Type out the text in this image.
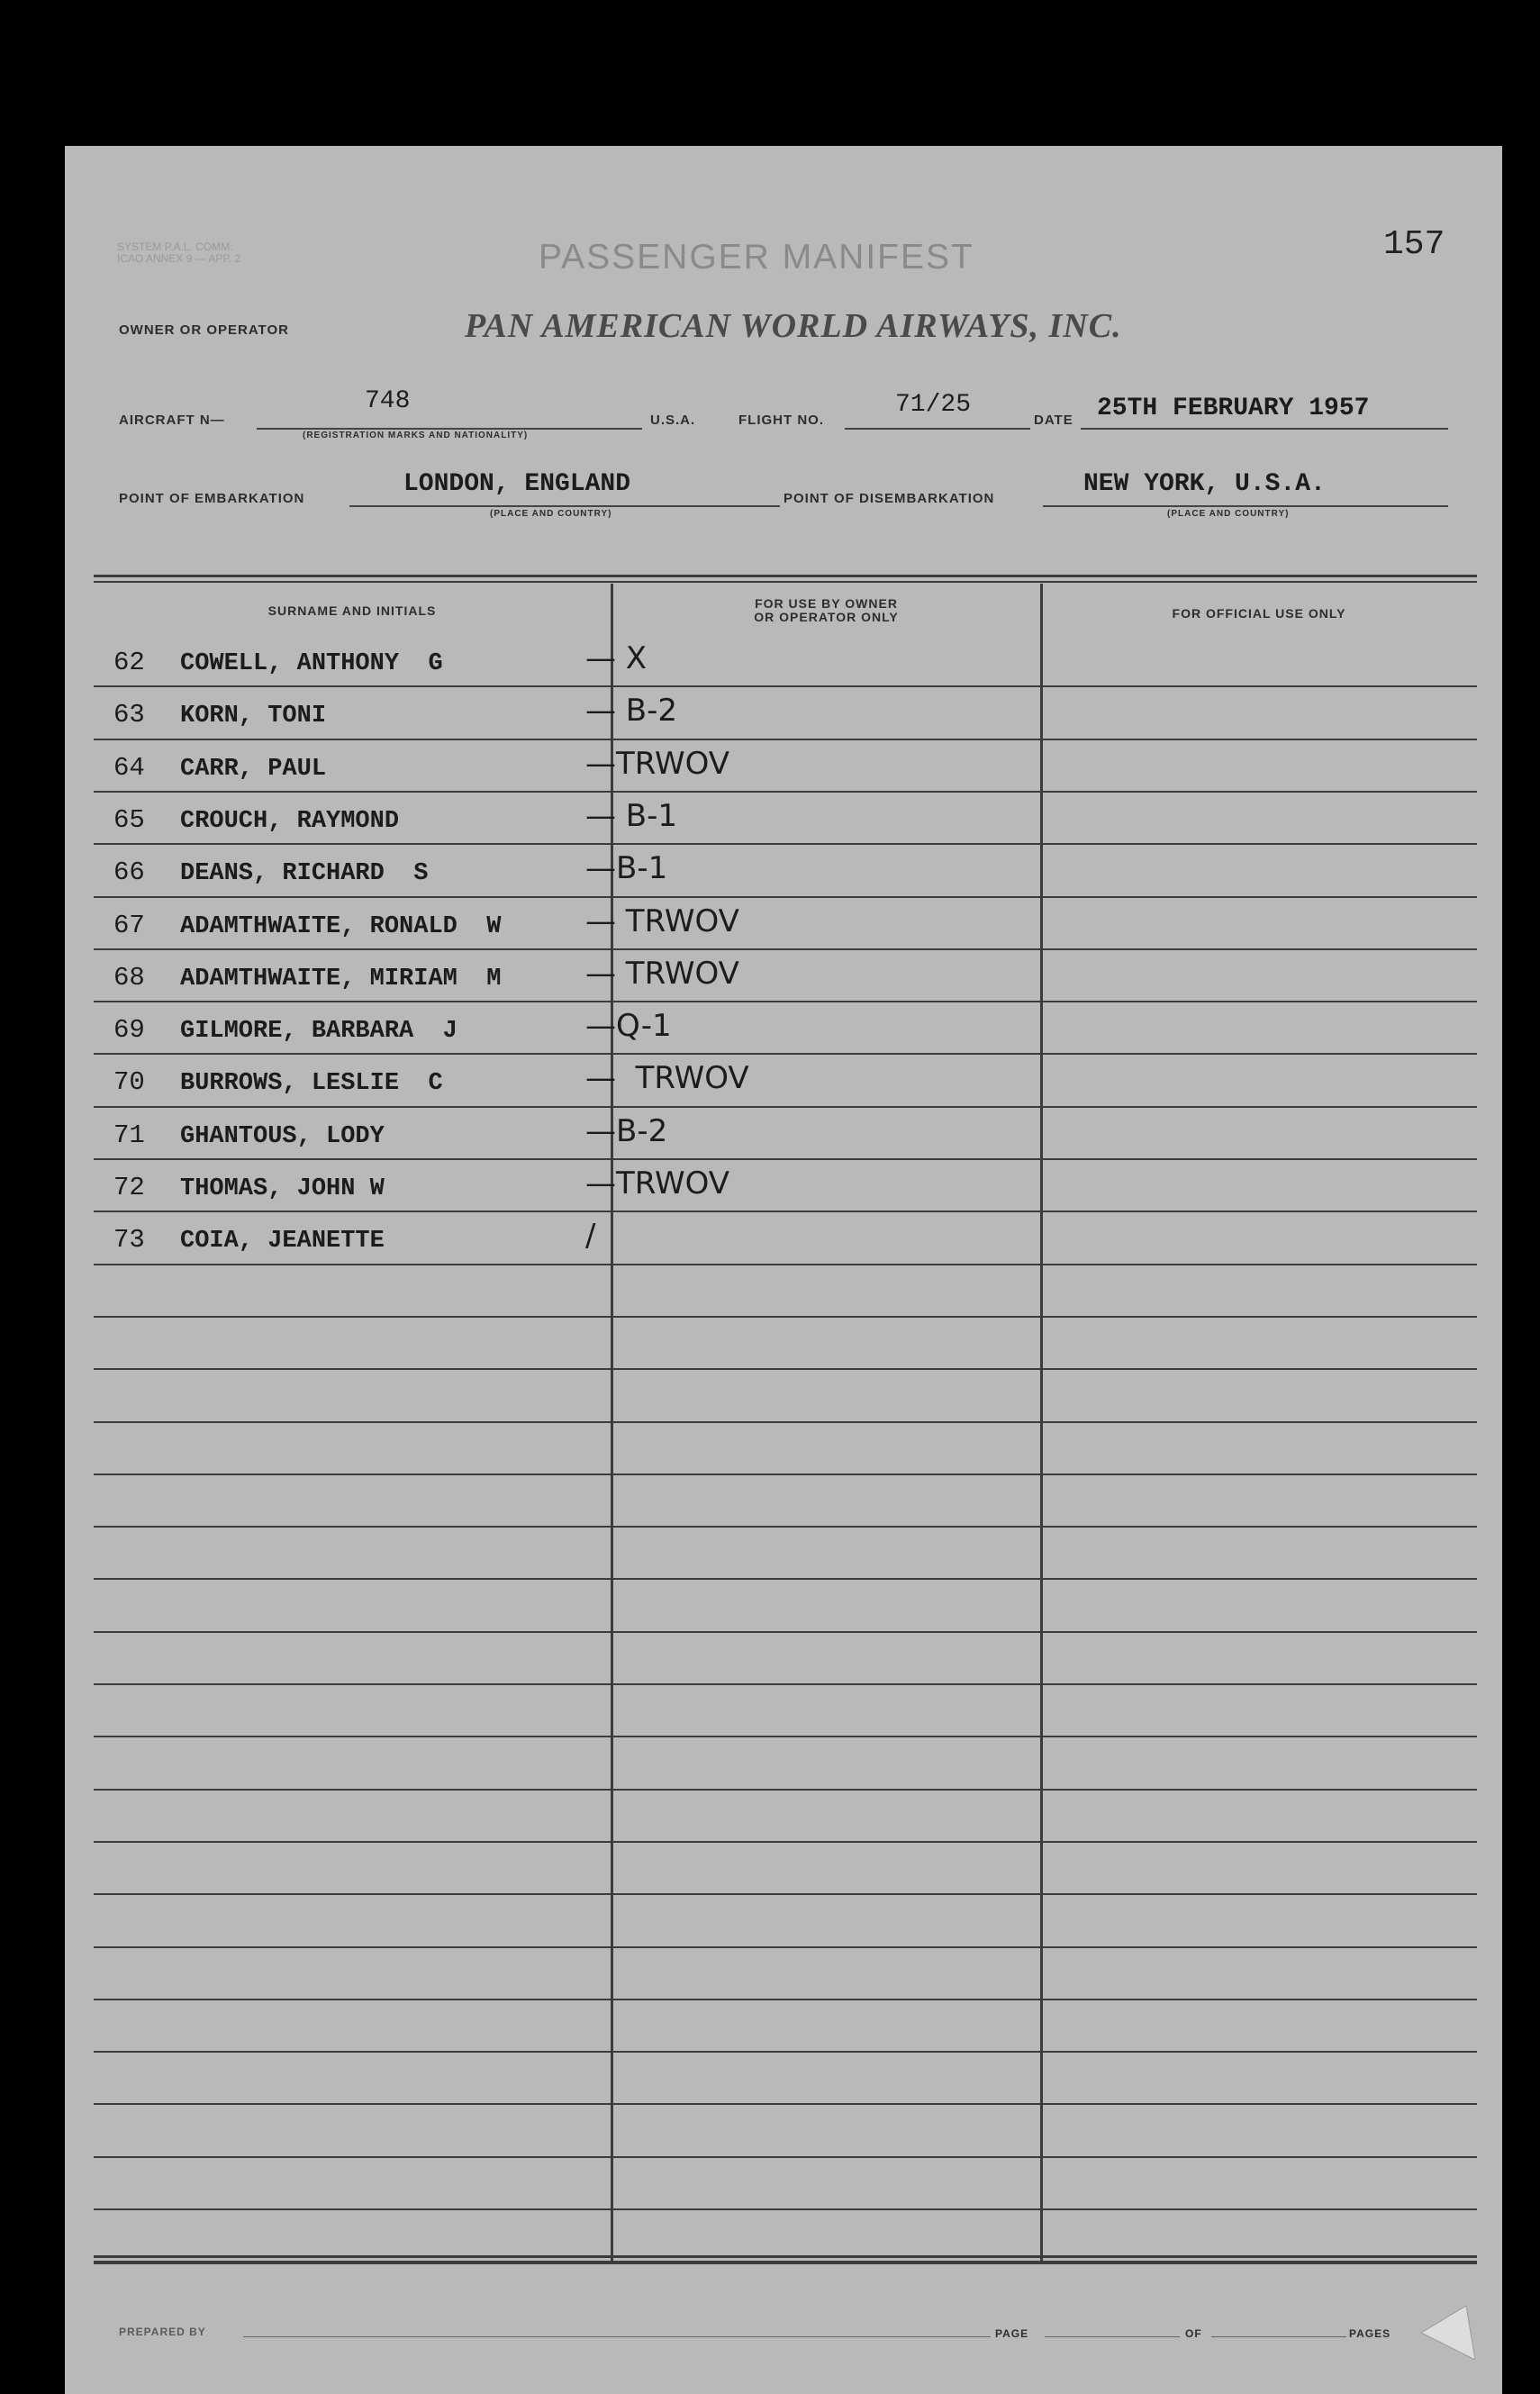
SYSTEM P.A.L. COMM.
ICAO ANNEX 9 — APP. 2	PASSENGER MANIFEST	157
OWNER OR OPERATOR	PAN AMERICAN WORLD AIRWAYS, INC.
AIRCRAFT N—
748
(REGISTRATION MARKS AND NATIONALITY)
U.S.A.	FLIGHT NO.
71/25
DATE 25TH FEBRUARY 1957
POINT OF EMBARKATION
LONDON, ENGLAND
(PLACE AND COUNTRY)
POINT OF DISEMBARKATION
NEW YORK, U.S.A.
(PLACE AND COUNTRY)
SURNAME AND INITIALS	FOR USE BY OWNER
OR OPERATOR ONLY	FOR OFFICIAL USE ONLY
62 COWELL, ANTHONY  G	— X
63 KORN, TONI	— B-2
64 CARR, PAUL	—TRWOV
65 CROUCH, RAYMOND	— B-1
66 DEANS, RICHARD  S	—B-1
67 ADAMTHWAITE, RONALD  W	— TRWOV
68 ADAMTHWAITE, MIRIAM  M	— TRWOV
69 GILMORE, BARBARA  J	—Q-1
70 BURROWS, LESLIE  C	—  TRWOV
71 GHANTOUS, LODY	—B-2
72 THOMAS, JOHN W	—TRWOV
73 COIA, JEANETTE	/
PREPARED BY	PAGE	OF	PAGES
